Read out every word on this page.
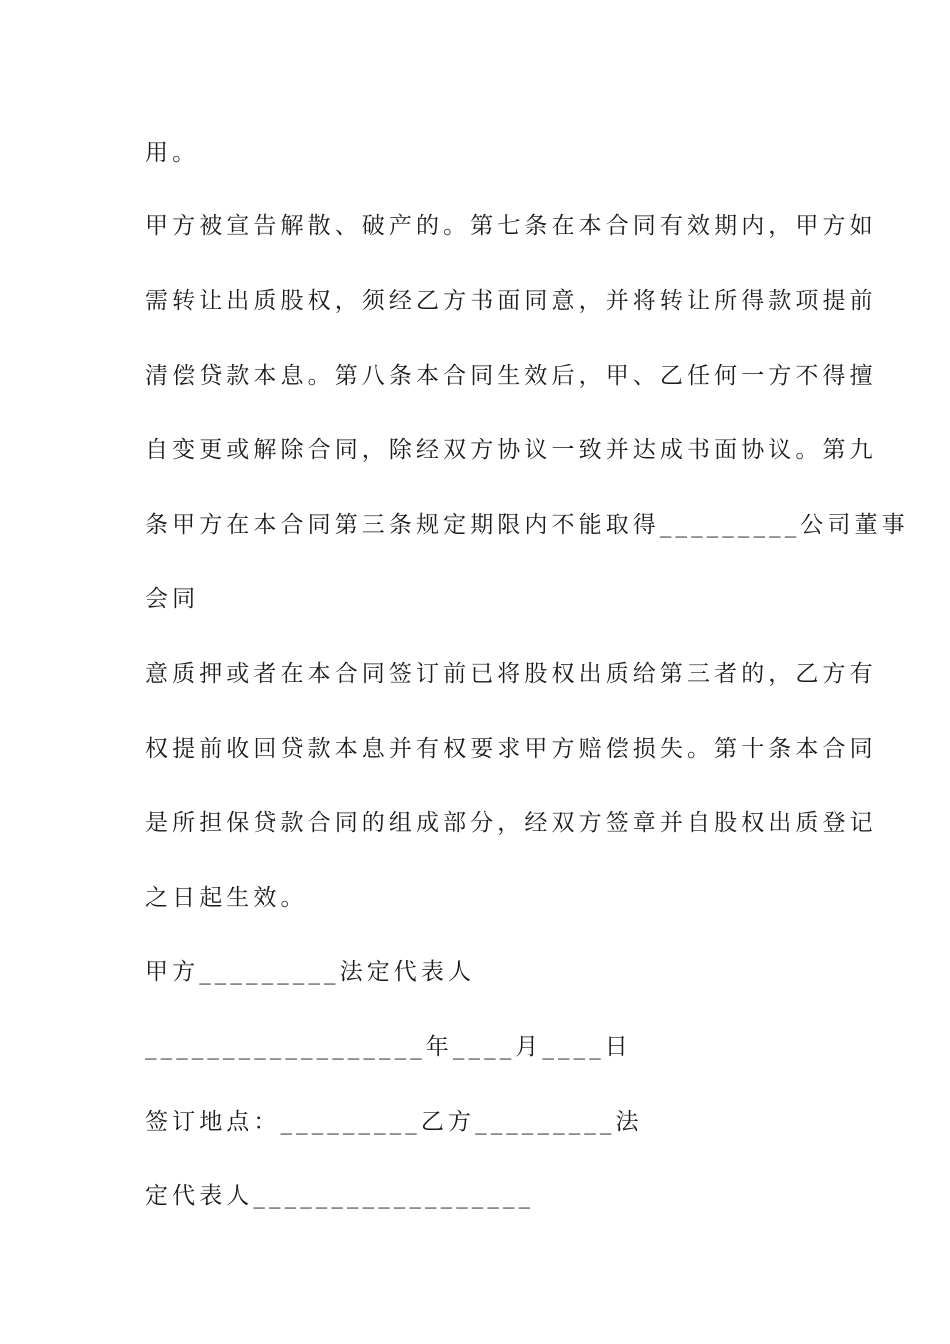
用。
甲方被宣告解散、破产的。第七条在本合同有效期内，甲方如
需转让出质股权，须经乙方书面同意，并将转让所得款项提前
清偿贷款本息。第八条本合同生效后，甲、乙任何一方不得擅
自变更或解除合同，除经双方协议一致并达成书面协议。第九
条甲方在本合同第三条规定期限内不能取得_________公司董事
会同
意质押或者在本合同签订前已将股权出质给第三者的，乙方有
权提前收回贷款本息并有权要求甲方赔偿损失。第十条本合同
是所担保贷款合同的组成部分，经双方签章并自股权出质登记
之日起生效。
甲方_________法定代表人
__________________年____月____日
签订地点：_________乙方_________法
定代表人__________________
